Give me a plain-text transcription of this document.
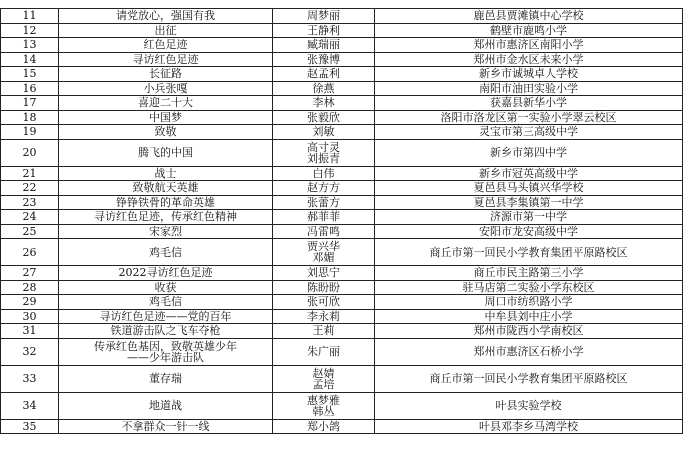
11	请党放心，强国有我	周梦丽	鹿邑县贾滩镇中心学校
12	出征	王静利	鹤壁市鹿鸣小学
13	红色足迹	臧瑞丽	郑州市惠济区南阳小学
14	寻访红色足迹	张豫博	郑州市金水区未来小学
15	长征路	赵孟利	新乡市诚城卓人学校
16	小兵张嘎	徐燕	南阳市油田实验小学
17	喜迎二十大	李林	获嘉县新华小学
18	中国梦	张毅欣	洛阳市洛龙区第一实验小学翠云校区
19	致敬	刘敏	灵宝市第三高级中学
20	腾飞的中国	高寸灵
刘振青	新乡市第四中学
21	战士	白伟	新乡市冠英高级中学
22	致敬航天英雄	赵方方	夏邑县马头镇兴华学校
23	铮铮铁骨的革命英雄	张蕾方	夏邑县李集镇第一中学
24	寻访红色足迹，传承红色精神	郝菲菲	济源市第一中学
25	宋家烈	冯雷鸣	安阳市龙安高级中学
26	鸡毛信	贾兴华
邓媚	商丘市第一回民小学教育集团平原路校区
27	2022寻访红色足迹	刘思宁	商丘市民主路第三小学
28	收获	陈盼盼	驻马店第二实验小学东校区
29	鸡毛信	张可欣	周口市纺织路小学
30	寻访红色足迹——党的百年	李永莉	中牟县刘中庄小学
31	铁道游击队之飞车夺枪	王莉	郑州市陇西小学南校区
32	传承红色基因，致敬英雄少年
——少年游击队	朱广丽	郑州市惠济区石桥小学
33	董存瑞	赵婧
孟培	商丘市第一回民小学教育集团平原路校区
34	地道战	惠梦雅
韩丛	叶县实验学校
35	不拿群众一针一线	郑小鸽	叶县邓李乡马湾学校
